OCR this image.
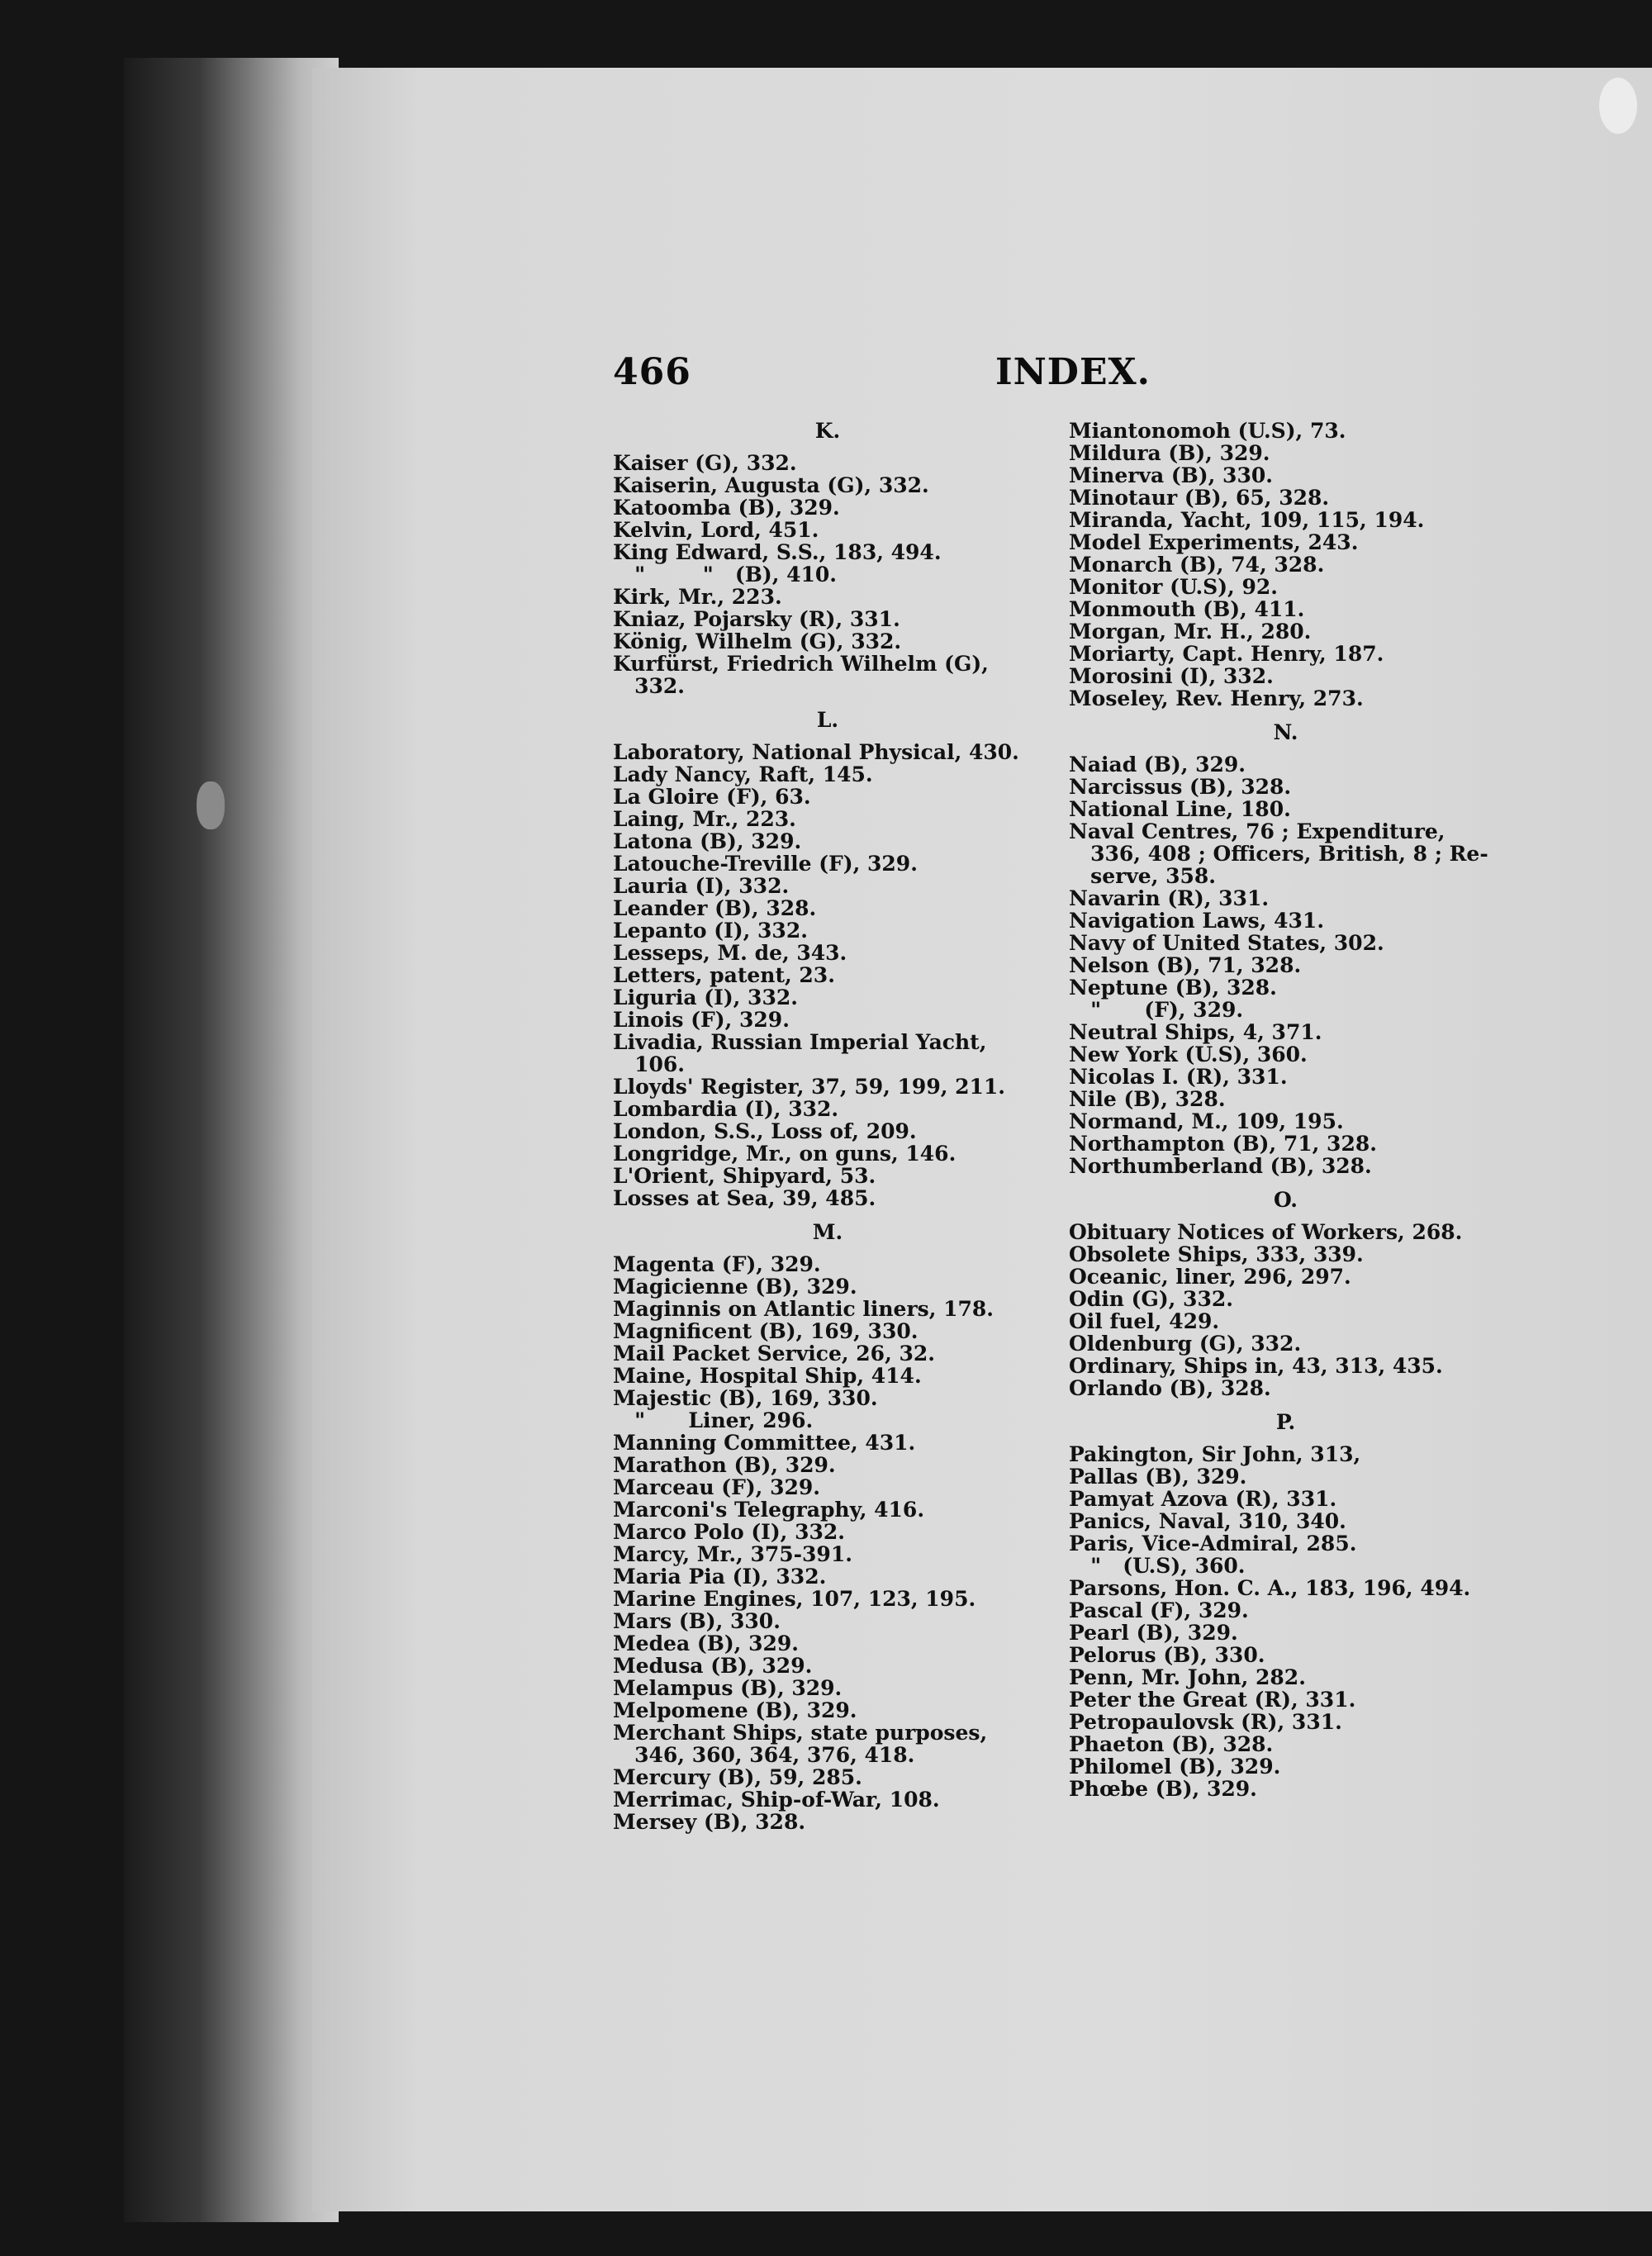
466	INDEX.
K.
Kaiser (G), 332.
Kaiserin, Augusta (G), 332.
Katoomba (B), 329.
Kelvin, Lord, 451.
King Edward, S.S., 183, 494.
"        "   (B), 410.
Kirk, Mr., 223.
Kniaz, Pojarsky (R), 331.
König, Wilhelm (G), 332.
Kurfürst, Friedrich Wilhelm (G),
332.
L.
Laboratory, National Physical, 430.
Lady Nancy, Raft, 145.
La Gloire (F), 63.
Laing, Mr., 223.
Latona (B), 329.
Latouche-Treville (F), 329.
Lauria (I), 332.
Leander (B), 328.
Lepanto (I), 332.
Lesseps, M. de, 343.
Letters, patent, 23.
Liguria (I), 332.
Linois (F), 329.
Livadia, Russian Imperial Yacht,
106.
Lloyds' Register, 37, 59, 199, 211.
Lombardia (I), 332.
London, S.S., Loss of, 209.
Longridge, Mr., on guns, 146.
L'Orient, Shipyard, 53.
Losses at Sea, 39, 485.
M.
Magenta (F), 329.
Magicienne (B), 329.
Maginnis on Atlantic liners, 178.
Magnificent (B), 169, 330.
Mail Packet Service, 26, 32.
Maine, Hospital Ship, 414.
Majestic (B), 169, 330.
"      Liner, 296.
Manning Committee, 431.
Marathon (B), 329.
Marceau (F), 329.
Marconi's Telegraphy, 416.
Marco Polo (I), 332.
Marcy, Mr., 375-391.
Maria Pia (I), 332.
Marine Engines, 107, 123, 195.
Mars (B), 330.
Medea (B), 329.
Medusa (B), 329.
Melampus (B), 329.
Melpomene (B), 329.
Merchant Ships, state purposes,
346, 360, 364, 376, 418.
Mercury (B), 59, 285.
Merrimac, Ship-of-War, 108.
Mersey (B), 328.
Miantonomoh (U.S), 73.
Mildura (B), 329.
Minerva (B), 330.
Minotaur (B), 65, 328.
Miranda, Yacht, 109, 115, 194.
Model Experiments, 243.
Monarch (B), 74, 328.
Monitor (U.S), 92.
Monmouth (B), 411.
Morgan, Mr. H., 280.
Moriarty, Capt. Henry, 187.
Morosini (I), 332.
Moseley, Rev. Henry, 273.
N.
Naiad (B), 329.
Narcissus (B), 328.
National Line, 180.
Naval Centres, 76 ; Expenditure,
336, 408 ; Officers, British, 8 ; Re-
serve, 358.
Navarin (R), 331.
Navigation Laws, 431.
Navy of United States, 302.
Nelson (B), 71, 328.
Neptune (B), 328.
"      (F), 329.
Neutral Ships, 4, 371.
New York (U.S), 360.
Nicolas I. (R), 331.
Nile (B), 328.
Normand, M., 109, 195.
Northampton (B), 71, 328.
Northumberland (B), 328.
O.
Obituary Notices of Workers, 268.
Obsolete Ships, 333, 339.
Oceanic, liner, 296, 297.
Odin (G), 332.
Oil fuel, 429.
Oldenburg (G), 332.
Ordinary, Ships in, 43, 313, 435.
Orlando (B), 328.
P.
Pakington, Sir John, 313,
Pallas (B), 329.
Pamyat Azova (R), 331.
Panics, Naval, 310, 340.
Paris, Vice-Admiral, 285.
"   (U.S), 360.
Parsons, Hon. C. A., 183, 196, 494.
Pascal (F), 329.
Pearl (B), 329.
Pelorus (B), 330.
Penn, Mr. John, 282.
Peter the Great (R), 331.
Petropaulovsk (R), 331.
Phaeton (B), 328.
Philomel (B), 329.
Phœbe (B), 329.
